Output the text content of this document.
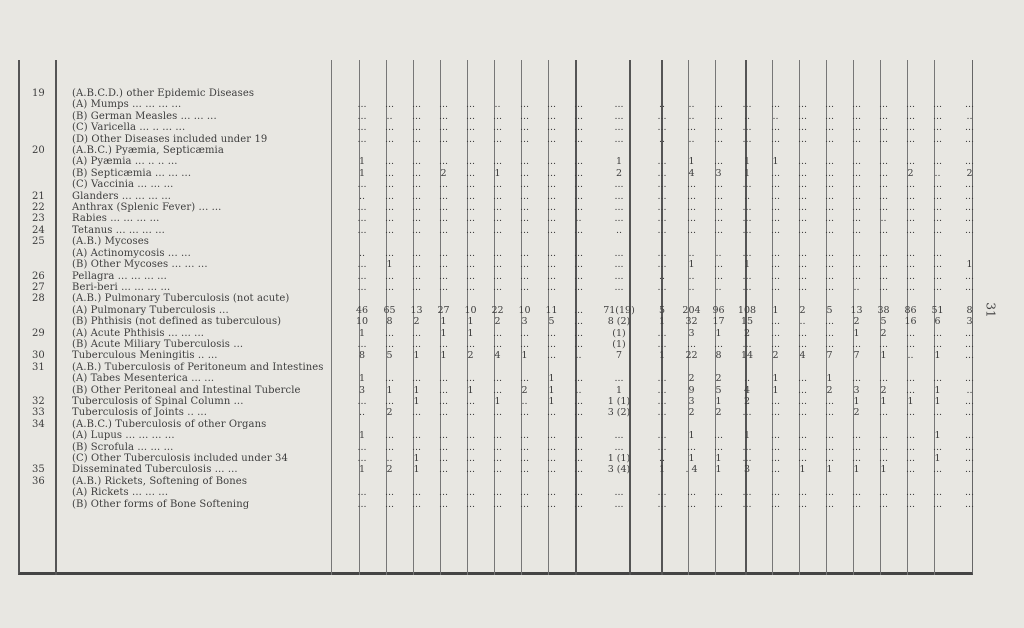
19	(A.B.C.D.) other Epidemic Diseases																						
	(A) Mumps ... ... ... ...	...	...	...	...	...	..	...	...	...	...	..	..	...	...	...	...	...	...	...	...	...	...
	(B) German Measles ... ... ...	...	..	...	...	...	...	...	...	...	...	...	..	...	..	..	...	...	...	...	...	...	..
	(C) Varicella ... .. ... ...	...	...	...	...	...	...	...	...	...	...	...	...	...	...	...	...	...	...	...	...	...	...
	(D) Other Diseases included under 19	...	...	...	...	...	...	...	...	...	...	..	..	...	...	...	...	...	...	...	...	...	...
20	(A.B.C.) Pyæmia, Septicæmia																						
	(A) Pyæmia ... .. .. ...	1	...	...	...	...	...	...	...	...	1	...	1	...	1	1	...	...	...	...	...	...	...
	(B) Septicæmia ... ... ...	1	...	...	2	...	1	...	...	...	2	...	4	3	1	...	...	...	...	...	2	..	2
	(C) Vaccinia ... ... ...	...	...	...	...	...	...	...	...	...	...	...	...	...	...	...	...	...	...	...	...	...	...
21	Glanders ... ... ... ...	..	...	...	...	...	...	...	...	...	...	...	...	...	..	...	...	...	...	...	...	...	...
22	Anthrax (Splenic Fever) ... ...	...	...	...	...	...	...	...	...	...	...	...	...	...	...	...	...	...	...	...	...	...	...
23	Rabies ... ... ... ...	...	...	...	...	...	...	...	...	..	...	...	...	...	...	...	...	...	...	..	...	...	...
24	Tetanus ... ... ... ...	...	...	...	...	...	...	...	...	...	..	...	...	...	...	...	...	...	...	...	...	...	...
25	(A.B.) Mycoses																						
	(A) Actinomycosis ... ...	..	...	...	...	...	...	...	...	...	...	...	..	..	...	...	...	...	...	...	...	...	
	(B) Other Mycoses ... ... ...	...	1	...	...	...	...	...	...	...	...	...	1	...	1	...	...	...	...	...	...	...	1
26	Pellagra ... ... ... ...	...	...	...	...	...	...	...	...	...	...	..	..	...	...	...	...	...	...	...	...	...	...
27	Beri-beri ... ... ... ...	...	...	...	...	...	...	...	...	...	...	...	..	..	...	...	...	...	..	...	...	...	...
28	(A.B.) Pulmonary Tuberculosis (not acute)																						
	(A) Pulmonary Tuberculosis ...	46	65	13	27	10	22	10	11	...	71(19)	5	204	96	108	1	2	5	13	38	86	51	8
	(B) Phthisis (not defined as tuberculous)	10	8	2	1	1	2	3	5	...	8 (2)	1	32	17	15	...	..	...	2	5	16	6	3
29	(A) Acute Phthisis ... ... ...	1	...	...	1	1	...	...	...	...	(1)	...	3	1	2	...	...	...	1	2	...	...	...
	(B) Acute Miliary Tuberculosis ...	...	...	...	...	...	...	...	...	...	(1)	...	...	...	...	...	...	...	...	...	...	...	...
30	Tuberculous Meningitis .. ...	8	5	1	1	2	4	1	...	..	7	1	22	8	14	2	4	7	7	1	..	1	...
31	(A.B.) Tuberculosis of Peritoneum and Intestines																						
	(A) Tabes Mesenterica ... ...	1	...	...	...	...	...	...	1	...	...	...	2	2	..	1	...	1	...	...	...	...	...
	(B) Other Peritoneal and Intestinal Tubercle	3	1	1	...	1	...	2	1	..	1	...	9	5	4	1	...	2	3	2	...	1	..
32	Tuberculosis of Spinal Column ...	...	...	1	...	...	1	..	1	...	1 (1)	...	3	1	2	...	...	...	1	1	1	1	...
33	Tuberculosis of Joints .. ...	..	2	...	...	...	...	...	...	...	3 (2)	...	2	2	...	...	...	...	2	...	...	...	...
34	(A.B.C.) Tuberculosis of other Organs																						
	(A) Lupus ... ... ... ...	1	...	...	...	...	...	...	...	...	...	...	1	...	1	...	...	...	...	...	...	1	...
	(B) Scrofula ... ... ...	...	...	...	...	...	...	...	...	...	...	...	...	...	...	...	...	...	...	...	...	...	...
	(C) Other Tuberculosis included under 34	...	..	1	...	...	...	...	...	...	1 (1)	..	1	1	...	...	...	...	...	...	...	1	...
35	Disseminated Tuberculosis ... ...	1	2	1	...	...	...	...	...	...	3 (4)	1	. 4	1	3	...	1	1	1	1	...	...	...
36	(A.B.) Rickets, Softening of Bones																						
	(A) Rickets ... ... ...	...	...	...	...	...	...	...	...	...	...	...	...	...	...	...	...	...	...	...	...	...	...
	(B) Other forms of Bone Softening	...	...	...	...	...	...	...	...	...	...	...	...	...	...	...	...	...	...	...	...	...	...
31
